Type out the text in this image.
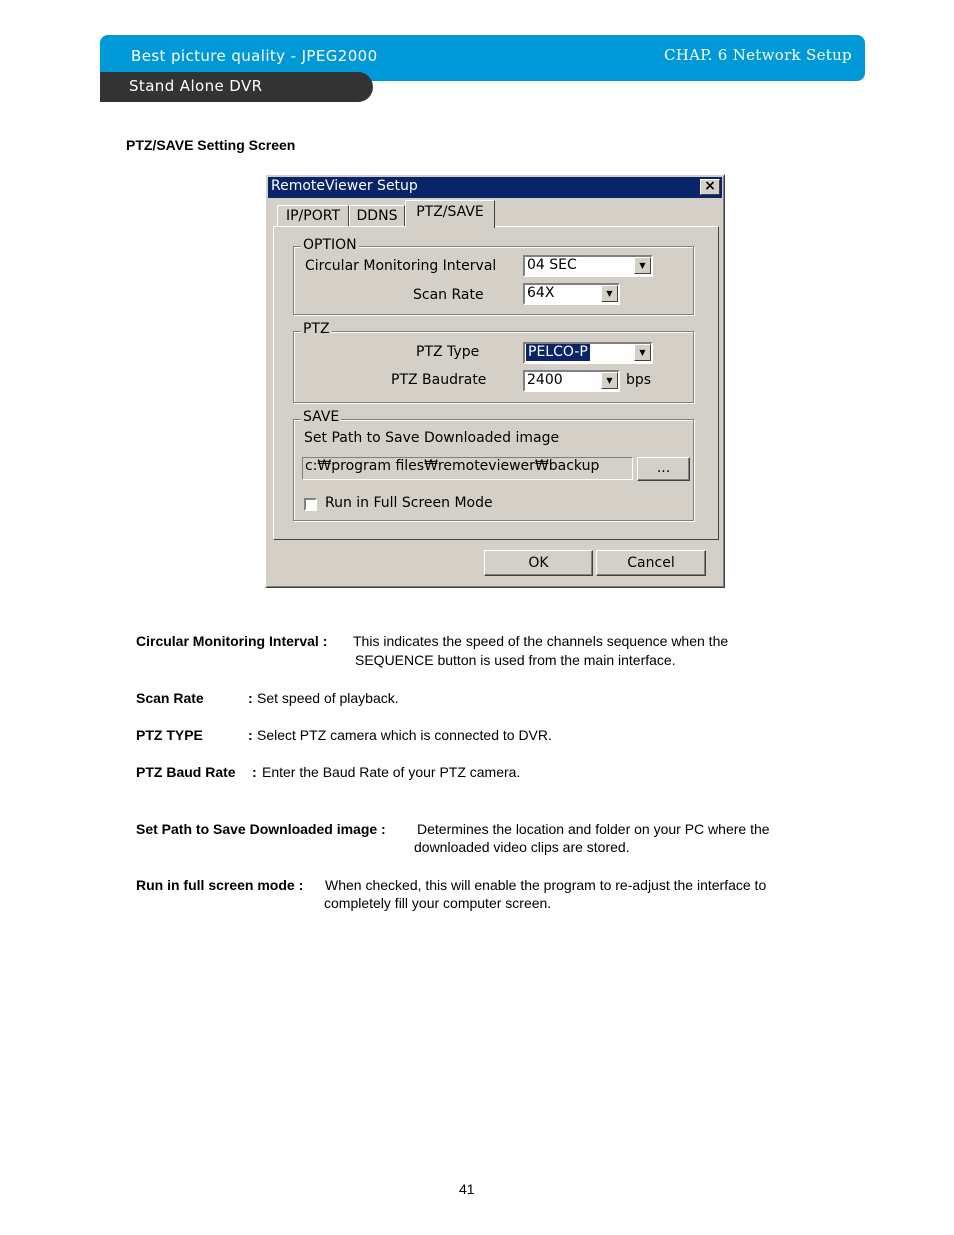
Best picture quality - JPEG2000	CHAP. 6 Network Setup
Stand Alone DVR
PTZ/SAVE Setting Screen
RemoteViewer Setup	×
IP/PORT	DDNS	PTZ/SAVE
OPTION
Circular Monitoring Interval 04 SEC	▼
Scan Rate	64X	▼
PTZ
PTZ Type	PELCO-P	▼
PTZ Baudrate	2400	▼ bps
SAVE
Set Path to Save Downloaded image
c:₩program files₩remoteviewer₩backup	...
Run in Full Screen Mode
OK	Cancel
Circular Monitoring Interval : This indicates the speed of the channels sequence when the
SEQUENCE button is used from the main interface.
Scan Rate	: Set speed of playback.
PTZ TYPE	: Select PTZ camera which is connected to DVR.
PTZ Baud Rate : Enter the Baud Rate of your PTZ camera.
Set Path to Save Downloaded image : Determines the location and folder on your PC where the
downloaded video clips are stored.
Run in full screen mode : When checked, this will enable the program to re-adjust the interface to
completely fill your computer screen.
41
